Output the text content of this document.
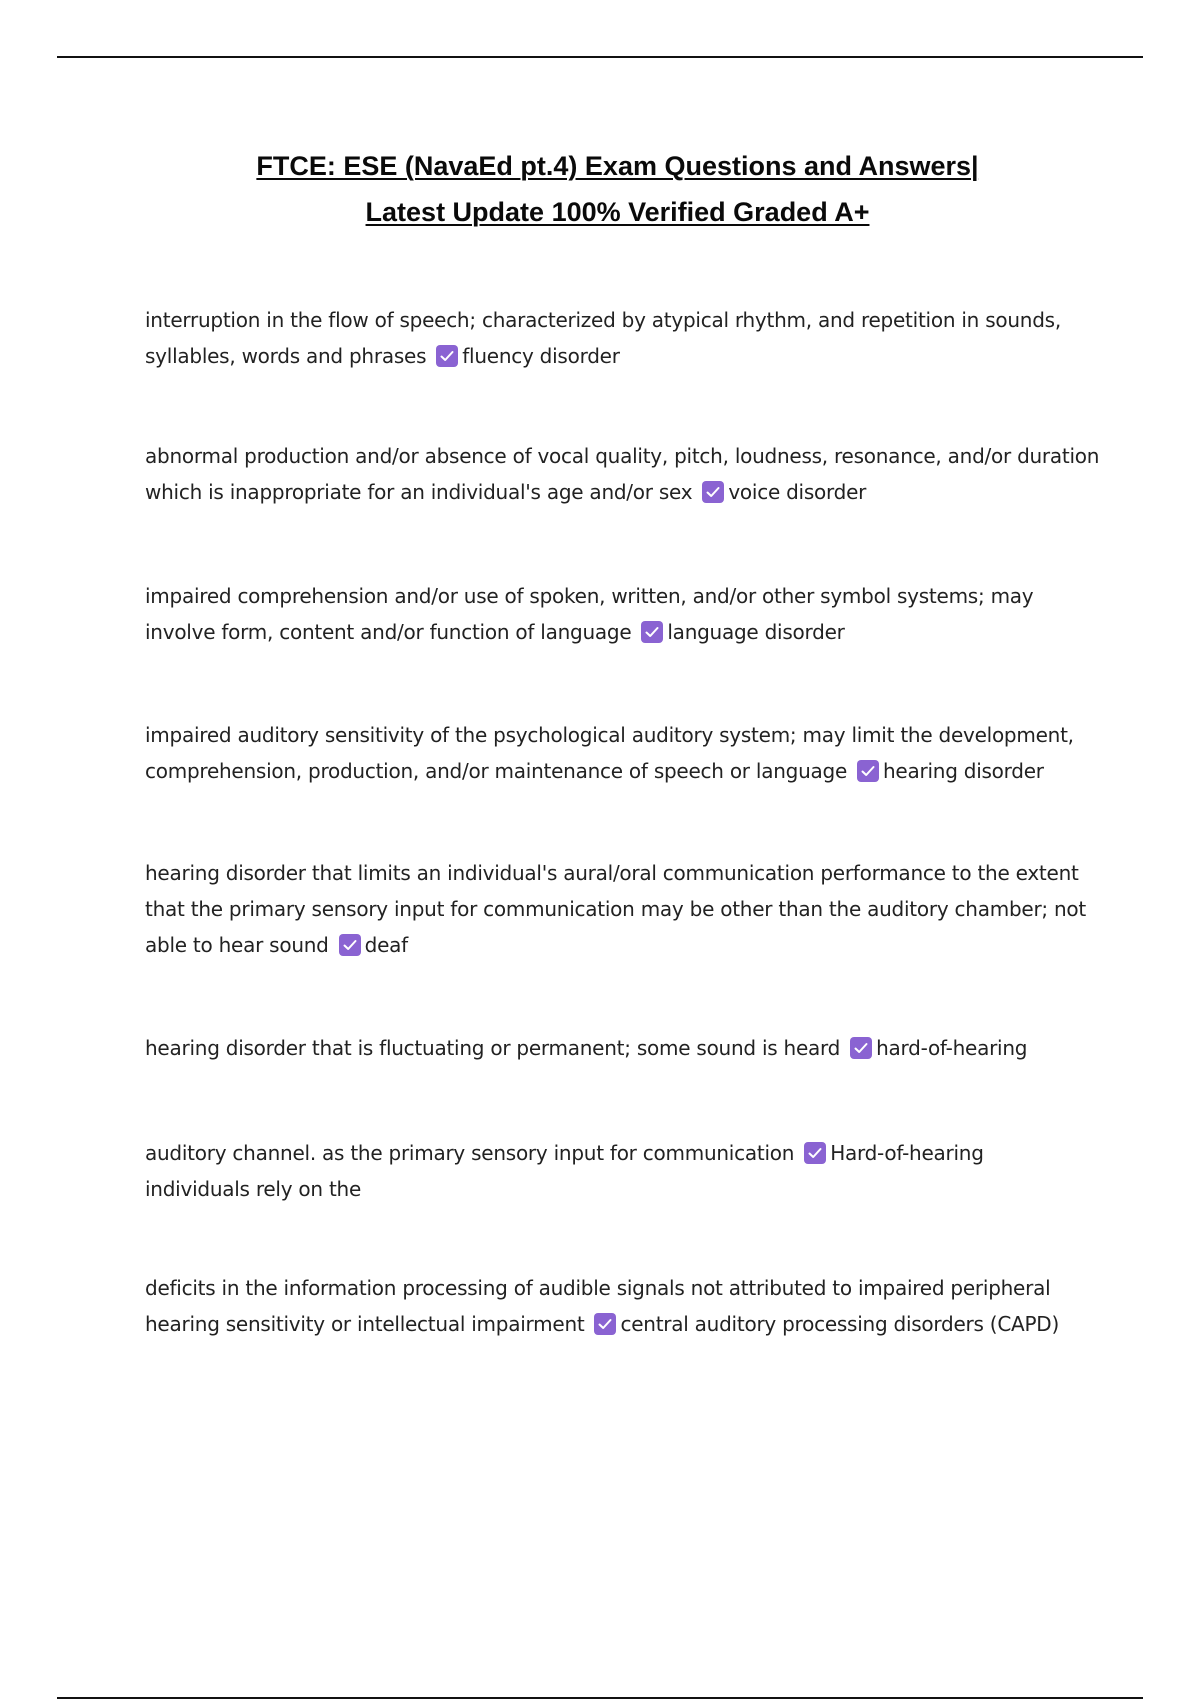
FTCE: ESE (NavaEd pt.4) Exam Questions and Answers|
Latest Update 100% Verified Graded A+

interruption in the flow of speech; characterized by atypical rhythm, and repetition in sounds, syllables, words and phrases fluency disorder

abnormal production and/or absence of vocal quality, pitch, loudness, resonance, and/or duration which is inappropriate for an individual's age and/or sex voice disorder

impaired comprehension and/or use of spoken, written, and/or other symbol systems; may involve form, content and/or function of language language disorder

impaired auditory sensitivity of the psychological auditory system; may limit the development, comprehension, production, and/or maintenance of speech or language hearing disorder

hearing disorder that limits an individual's aural/oral communication performance to the extent that the primary sensory input for communication may be other than the auditory chamber; not able to hear sound deaf

hearing disorder that is fluctuating or permanent; some sound is heard hard-of-hearing

auditory channel. as the primary sensory input for communication Hard-of-hearing
individuals rely on the

deficits in the information processing of audible signals not attributed to impaired peripheral hearing sensitivity or intellectual impairment central auditory processing disorders (CAPD)
